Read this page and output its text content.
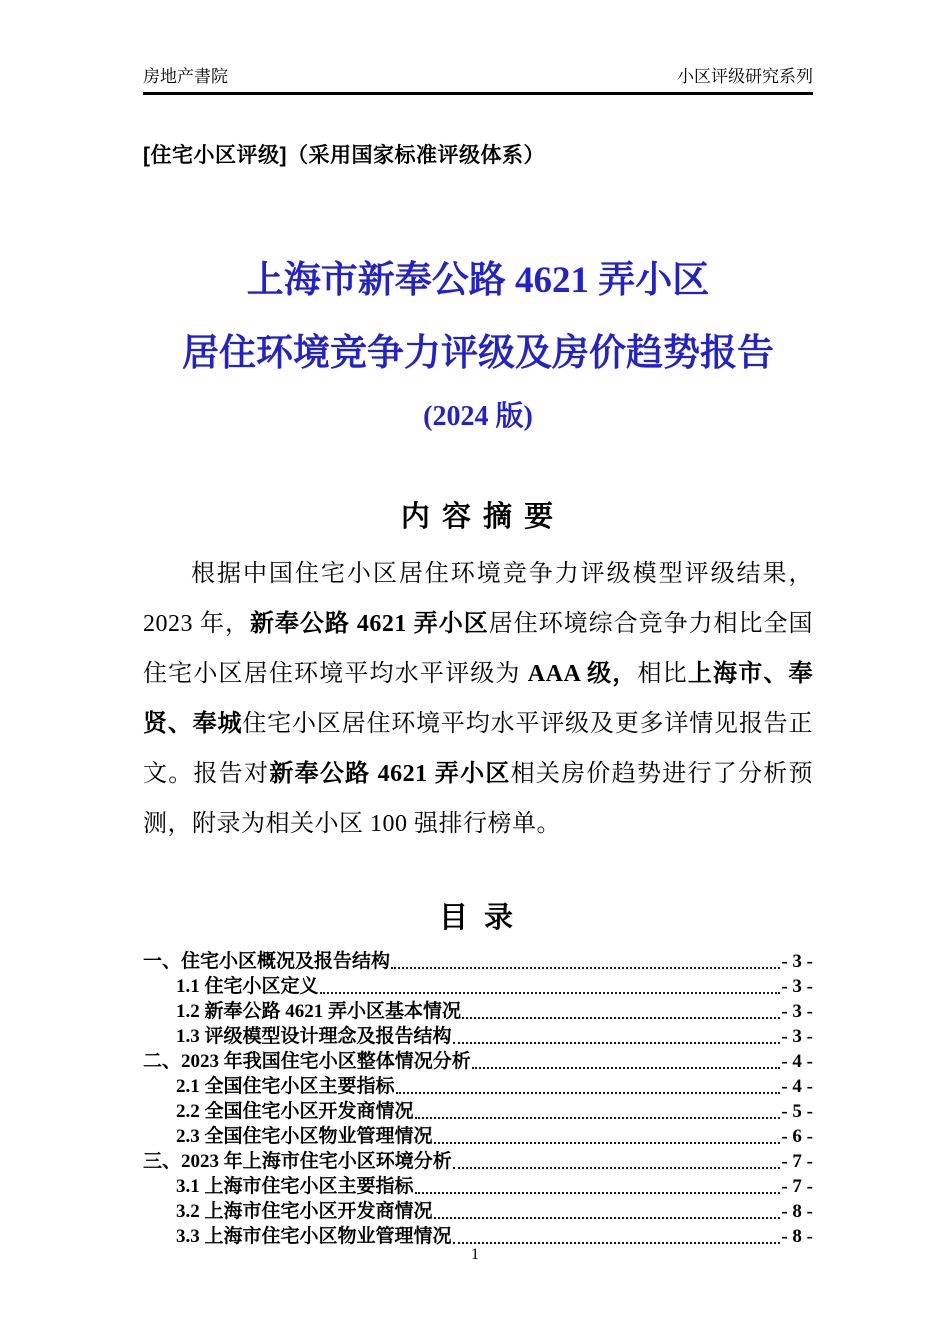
房地产書院	小区评级研究系列
[住宅小区评级]（采用国家标准评级体系）
上海市新奉公路 4621 弄小区
居住环境竞争力评级及房价趋势报告
(2024 版)
内 容 摘 要

根据中国住宅小区居住环境竞争力评级模型评级结果，2023 年，新奉公路 4621 弄小区居住环境综合竞争力相比全国住宅小区居住环境平均水平评级为 AAA 级，相比上海市、奉贤、奉城住宅小区居住环境平均水平评级及更多详情见报告正文。报告对新奉公路 4621 弄小区相关房价趋势进行了分析预测，附录为相关小区 100 强排行榜单。

目 录
一、住宅小区概况及报告结构	- 3 -
1.1 住宅小区定义	- 3 -
1.2 新奉公路 4621 弄小区基本情况	- 3 -
1.3 评级模型设计理念及报告结构	- 3 -
二、2023 年我国住宅小区整体情况分析	- 4 -
2.1 全国住宅小区主要指标	- 4 -
2.2 全国住宅小区开发商情况	- 5 -
2.3 全国住宅小区物业管理情况	- 6 -
三、2023 年上海市住宅小区环境分析	- 7 -
3.1 上海市住宅小区主要指标	- 7 -
3.2 上海市住宅小区开发商情况	- 8 -
3.3 上海市住宅小区物业管理情况	- 8 -
1
